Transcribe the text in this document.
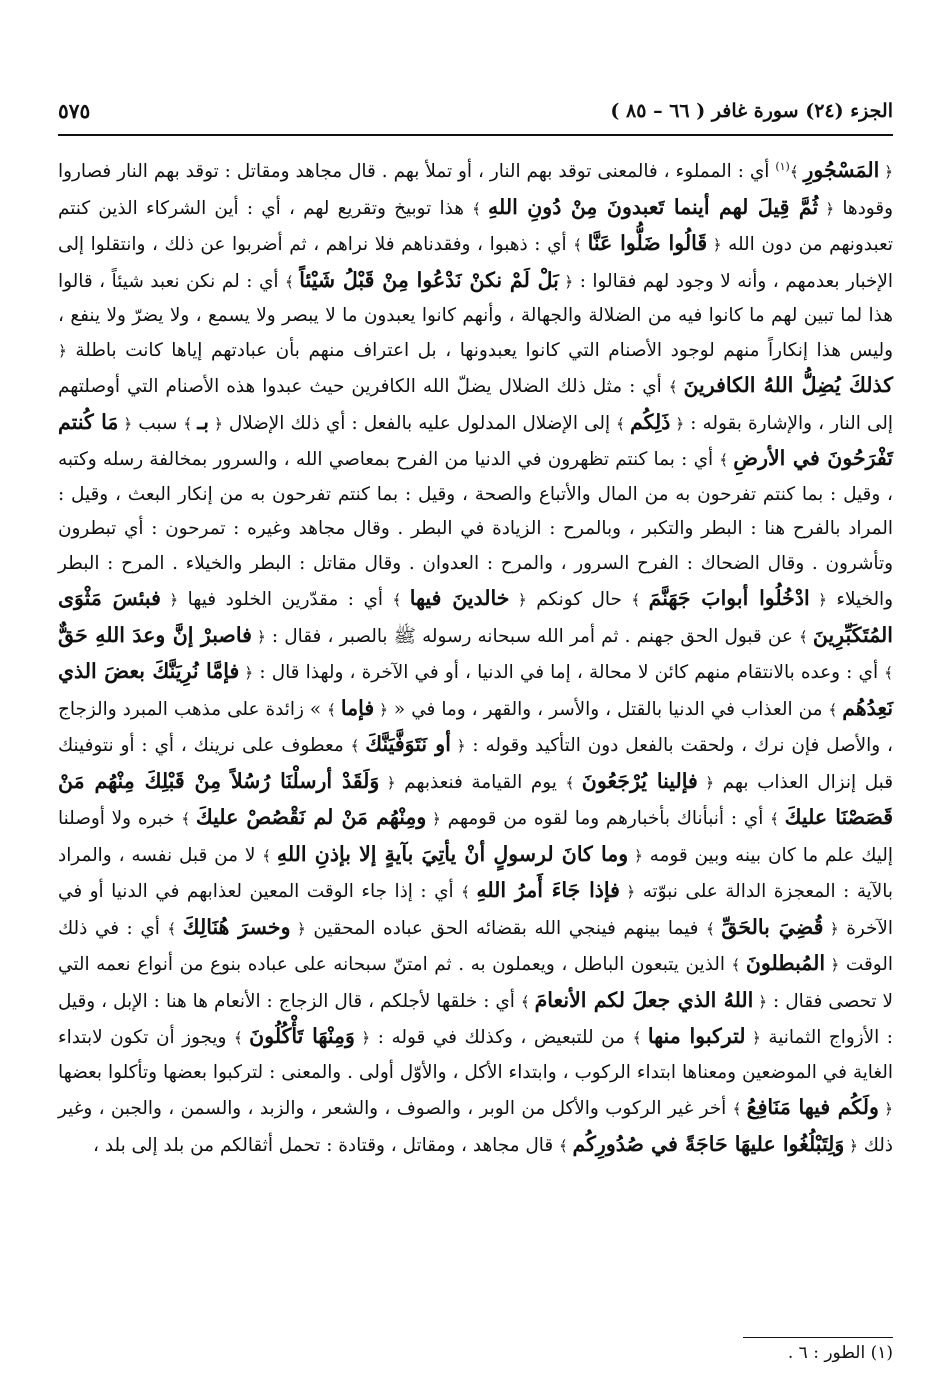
الجزء (٢٤) سورة غافر ( ٦٦ – ٨٥ )
٥٧٥
﴿ المَسْجُورِ ﴾$^{(١)}$ أي : المملوء ، فالمعنى توقد بهم النار ، أو تملأ بهم . قال مجاهد ومقاتل : توقد بهم النار فصاروا وقودها ﴿ ثُمَّ قِيلَ لهم أينما تَعبدونَ مِنْ دُونِ اللهِ ﴾ هذا توبيخ وتقريع لهم ، أي : أين الشركاء الذين كنتم تعبدونهم من دون الله ﴿ قَالُوا ضَلُّوا عَنَّا ﴾ أي : ذهبوا ، وفقدناهم فلا نراهم ، ثم أضربوا عن ذلك ، وانتقلوا إلى الإخبار بعدمهم ، وأنه لا وجود لهم فقالوا : ﴿ بَلْ لَمْ نكنْ نَدْعُوا مِنْ قَبْلُ شَيْئاً ﴾ أي : لم نكن نعبد شيئاً ، قالوا هذا لما تبين لهم ما كانوا فيه من الضلالة والجهالة ، وأنهم كانوا يعبدون ما لا يبصر ولا يسمع ، ولا يضرّ ولا ينفع ، وليس هذا إنكاراً منهم لوجود الأصنام التي كانوا يعبدونها ، بل اعتراف منهم بأن عبادتهم إياها كانت باطلة ﴿ كذلكَ يُضِلُّ اللهُ الكافرينَ ﴾ أي : مثل ذلك الضلال يضلّ الله الكافرين حيث عبدوا هذه الأصنام التي أوصلتهم إلى النار ، والإشارة بقوله : ﴿ ذَلِكُم ﴾ إلى الإضلال المدلول عليه بالفعل : أي ذلك الإضلال ﴿ بـ ﴾ سبب ﴿ مَا كُنتم تَفْرَحُونَ في الأرضِ ﴾ أي : بما كنتم تظهرون في الدنيا من الفرح بمعاصي الله ، والسرور بمخالفة رسله وكتبه ، وقيل : بما كنتم تفرحون به من المال والأتباع والصحة ، وقيل : بما كنتم تفرحون به من إنكار البعث ، وقيل : المراد بالفرح هنا : البطر والتكبر ، وبالمرح : الزيادة في البطر . وقال مجاهد وغيره : تمرحون : أي تبطرون وتأشرون . وقال الضحاك : الفرح السرور ، والمرح : العدوان . وقال مقاتل : البطر والخيلاء . المرح : البطر والخيلاء ﴿ ادْخُلُوا أبوابَ جَهَنَّمَ ﴾ حال كونكم ﴿ خالدينَ فيها ﴾ أي : مقدّرين الخلود فيها ﴿ فبئسَ مَثْوَى المُتَكَبِّرِينَ ﴾ عن قبول الحق جهنم . ثم أمر الله سبحانه رسوله ﷺ بالصبر ، فقال : ﴿ فاصبرْ إنَّ وعدَ اللهِ حَقٌّ ﴾ أي : وعده بالانتقام منهم كائن لا محالة ، إما في الدنيا ، أو في الآخرة ، ولهذا قال : ﴿ فإمَّا نُرِيَنَّكَ بعضَ الذي نَعِدُهُم ﴾ من العذاب في الدنيا بالقتل ، والأسر ، والقهر ، وما في « ﴿ فإما ﴾ » زائدة على مذهب المبرد والزجاج ، والأصل فإن نرك ، ولحقت بالفعل دون التأكيد وقوله : ﴿ أو نَتَوَفَّيَنَّكَ ﴾ معطوف على نرينك ، أي : أو نتوفينك قبل إنزال العذاب بهم ﴿ فإلينا يُرْجَعُونَ ﴾ يوم القيامة فنعذبهم ﴿ وَلَقَدْ أرسلْنَا رُسُلاً مِنْ قَبْلِكَ مِنْهُم مَنْ قَصَصْنَا عليكَ ﴾ أي : أنبأناك بأخبارهم وما لقوه من قومهم ﴿ ومِنْهُم مَنْ لم نَقْصُصْ عليكَ ﴾ خبره ولا أوصلنا إليك علم ما كان بينه وبين قومه ﴿ وما كانَ لرسولٍ أنْ يأتِيَ بآيةٍ إلا بإذنِ اللهِ ﴾ لا من قبل نفسه ، والمراد بالآية : المعجزة الدالة على نبوّته ﴿ فإذا جَاءَ أَمرُ اللهِ ﴾ أي : إذا جاء الوقت المعين لعذابهم في الدنيا أو في الآخرة ﴿ قُضِيَ بالحَقِّ ﴾ فيما بينهم فينجي الله بقضائه الحق عباده المحقين ﴿ وخسرَ هُنَالِكَ ﴾ أي : في ذلك الوقت ﴿ المُبطلونَ ﴾ الذين يتبعون الباطل ، ويعملون به . ثم امتنّ سبحانه على عباده بنوع من أنواع نعمه التي لا تحصى فقال : ﴿ اللهُ الذي جعلَ لكم الأنعامَ ﴾ أي : خلقها لأجلكم ، قال الزجاج : الأنعام ها هنا : الإبل ، وقيل : الأزواج الثمانية ﴿ لتركبوا منها ﴾ من للتبعيض ، وكذلك في قوله : ﴿ وَمِنْهَا تَأْكُلُونَ ﴾ ويجوز أن تكون لابتداء الغاية في الموضعين ومعناها ابتداء الركوب ، وابتداء الأكل ، والأوّل أولى . والمعنى : لتركبوا بعضها وتأكلوا بعضها ﴿ ولَكُم فيها مَنَافِعُ ﴾ أخر غير الركوب والأكل من الوبر ، والصوف ، والشعر ، والزبد ، والسمن ، والجبن ، وغير ذلك ﴿ وَلِتَبْلُغُوا عليهَا حَاجَةً في صُدُورِكُم ﴾ قال مجاهد ، ومقاتل ، وقتادة : تحمل أثقالكم من بلد إلى بلد ،
(١) الطور : ٦ .
